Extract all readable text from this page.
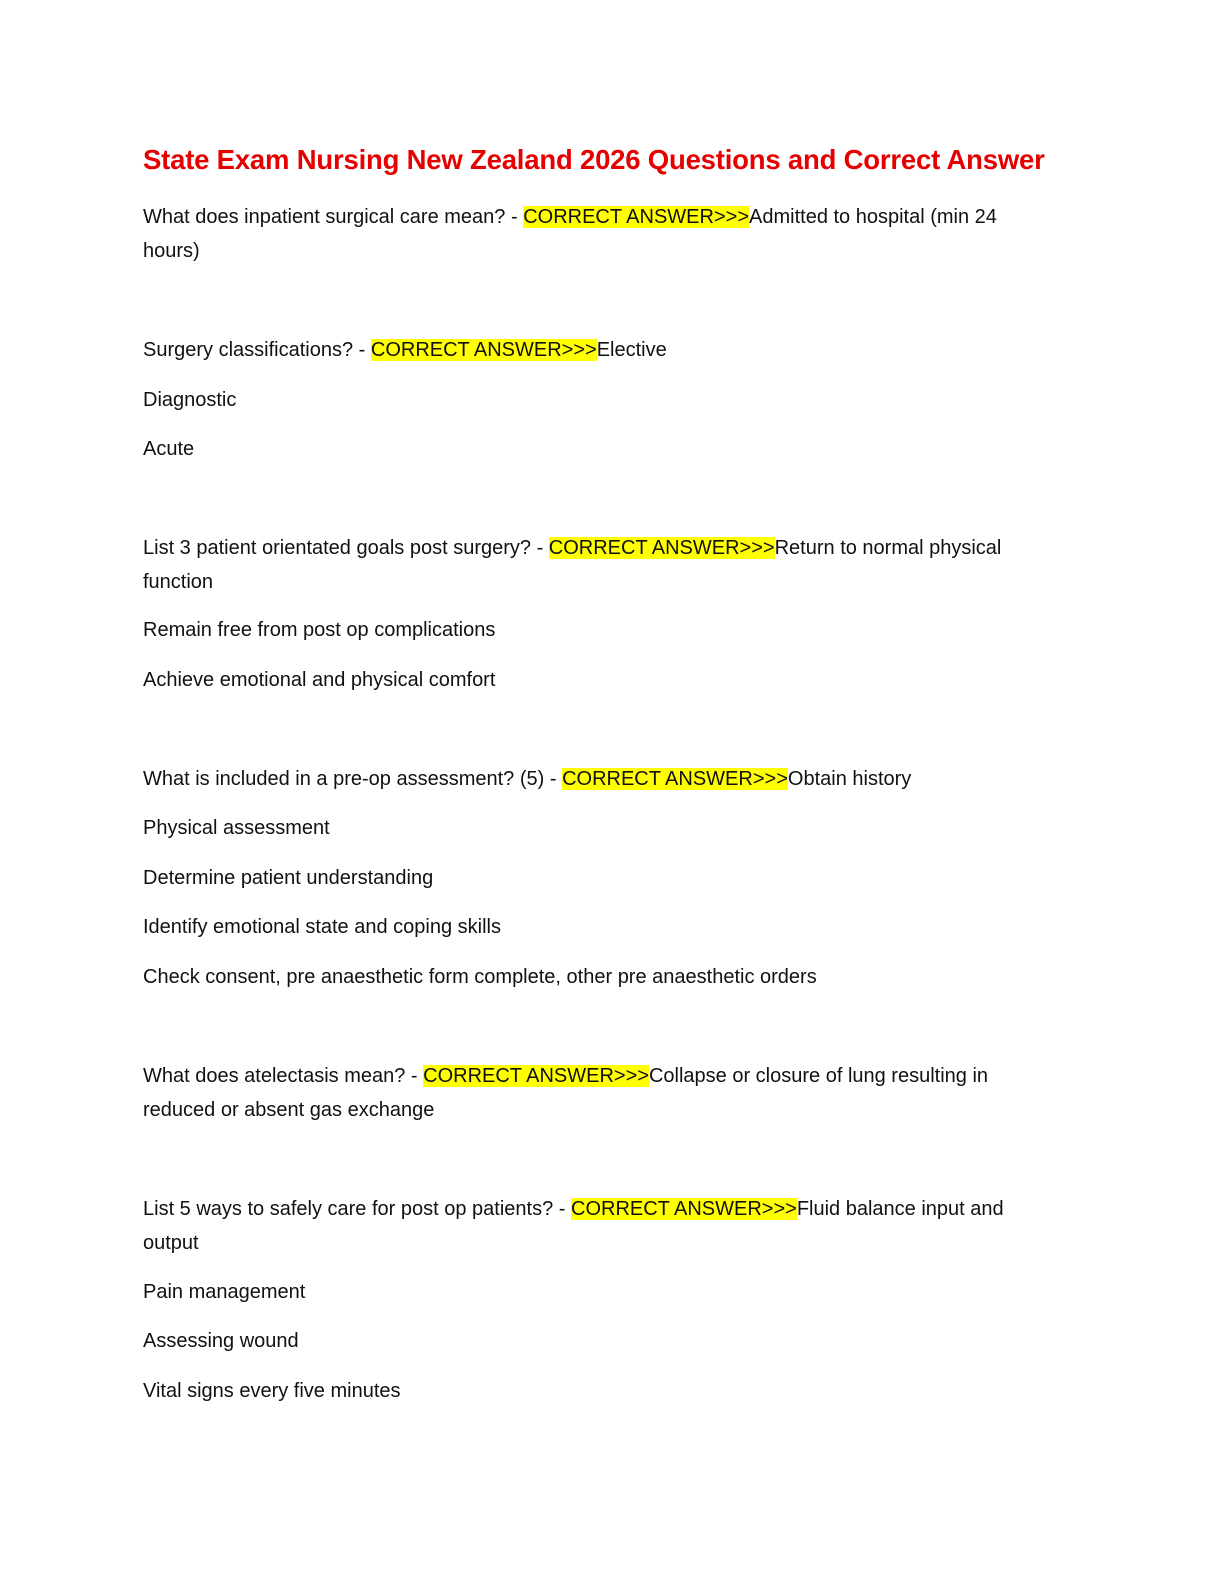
State Exam Nursing New Zealand 2026 Questions and Correct Answer

What does inpatient surgical care mean? - CORRECT ANSWER>>>Admitted to hospital (min 24 hours)

Surgery classifications? - CORRECT ANSWER>>>Elective

Diagnostic

Acute

List 3 patient orientated goals post surgery? - CORRECT ANSWER>>>Return to normal physical function

Remain free from post op complications

Achieve emotional and physical comfort

What is included in a pre-op assessment? (5) - CORRECT ANSWER>>>Obtain history

Physical assessment

Determine patient understanding

Identify emotional state and coping skills

Check consent, pre anaesthetic form complete, other pre anaesthetic orders

What does atelectasis mean? - CORRECT ANSWER>>>Collapse or closure of lung resulting in reduced or absent gas exchange

List 5 ways to safely care for post op patients? - CORRECT ANSWER>>>Fluid balance input and output

Pain management

Assessing wound

Vital signs every five minutes
